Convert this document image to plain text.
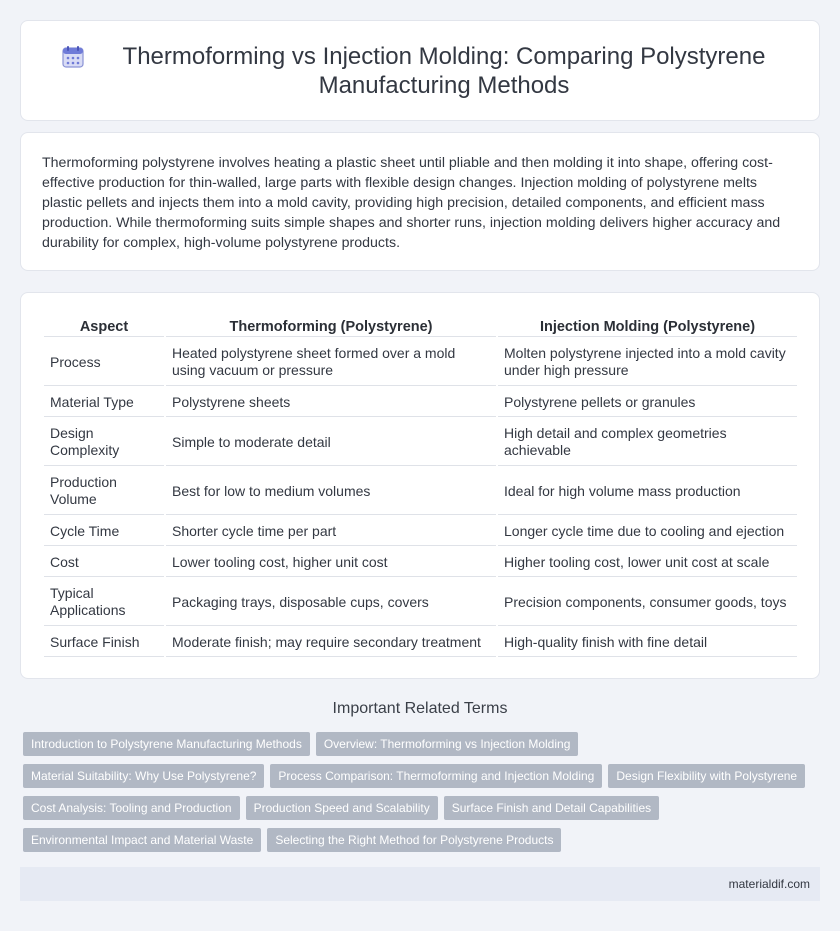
Thermoforming vs Injection Molding: Comparing Polystyrene Manufacturing Methods

Thermoforming polystyrene involves heating a plastic sheet until pliable and then molding it into shape, offering cost-effective production for thin-walled, large parts with flexible design changes. Injection molding of polystyrene melts plastic pellets and injects them into a mold cavity, providing high precision, detailed components, and efficient mass production. While thermoforming suits simple shapes and shorter runs, injection molding delivers higher accuracy and durability for complex, high-volume polystyrene products.

Aspect	Thermoforming (Polystyrene)	Injection Molding (Polystyrene)
Process	Heated polystyrene sheet formed over a mold using vacuum or pressure	Molten polystyrene injected into a mold cavity under high pressure
Material Type	Polystyrene sheets	Polystyrene pellets or granules
Design Complexity	Simple to moderate detail	High detail and complex geometries achievable
Production Volume	Best for low to medium volumes	Ideal for high volume mass production
Cycle Time	Shorter cycle time per part	Longer cycle time due to cooling and ejection
Cost	Lower tooling cost, higher unit cost	Higher tooling cost, lower unit cost at scale
Typical Applications	Packaging trays, disposable cups, covers	Precision components, consumer goods, toys
Surface Finish	Moderate finish; may require secondary treatment	High-quality finish with fine detail
Important Related Terms
Introduction to Polystyrene Manufacturing Methods	Overview: Thermoforming vs Injection Molding
Material Suitability: Why Use Polystyrene?	Process Comparison: Thermoforming and Injection Molding	Design Flexibility with Polystyrene
Cost Analysis: Tooling and Production	Production Speed and Scalability	Surface Finish and Detail Capabilities
Environmental Impact and Material Waste	Selecting the Right Method for Polystyrene Products
materialdif.com
